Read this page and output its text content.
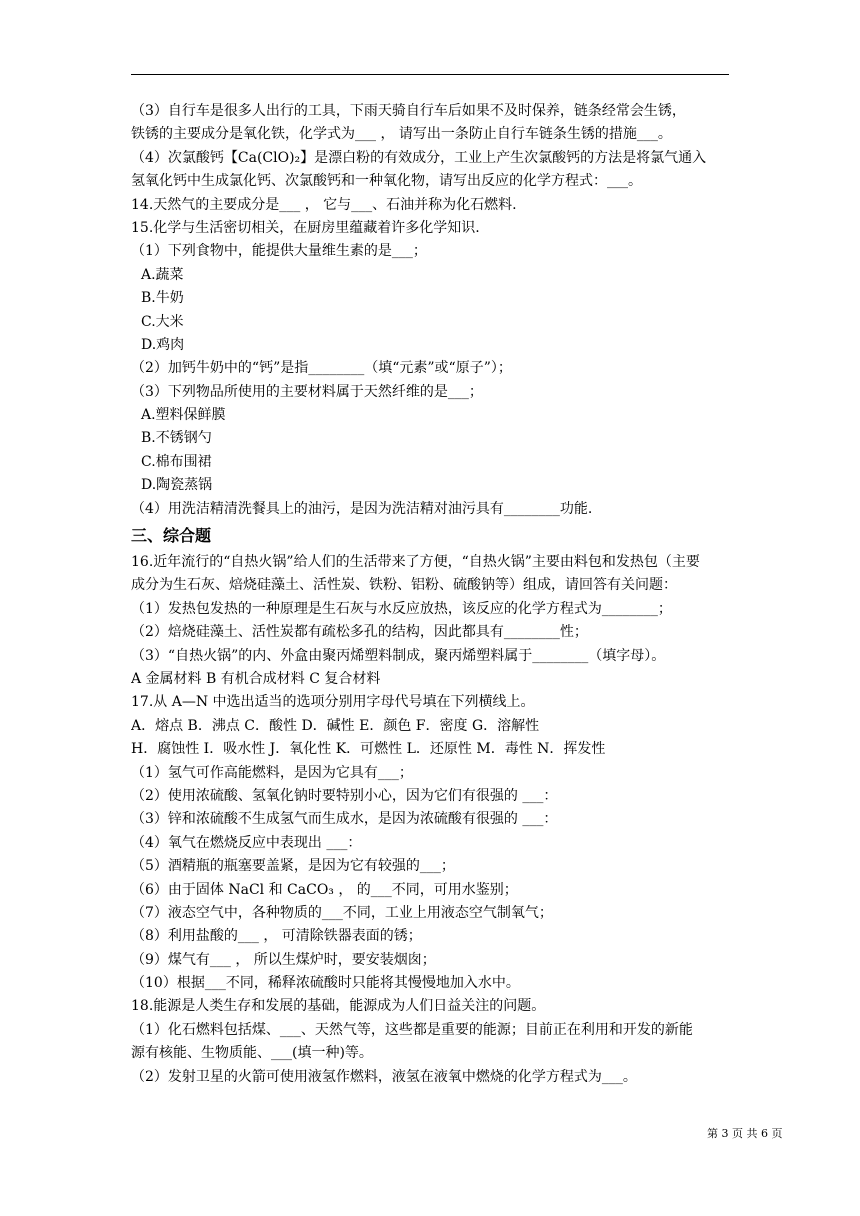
（3）自行车是很多人出行的工具，下雨天骑自行车后如果不及时保养，链条经常会生锈，
铁锈的主要成分是氧化铁，化学式为___ ， 请写出一条防止自行车链条生锈的措施___。
（4）次氯酸钙【Ca(ClO)₂】是漂白粉的有效成分，工业上产生次氯酸钙的方法是将氯气通入
氢氧化钙中生成氯化钙、次氯酸钙和一种氧化物，请写出反应的化学方程式：___。
14.天然气的主要成分是___ ， 它与___、石油并称为化石燃料.
15.化学与生活密切相关，在厨房里蕴藏着许多化学知识.
（1）下列食物中，能提供大量维生素的是___；
A.蔬菜
B.牛奶
C.大米
D.鸡肉
（2）加钙牛奶中的“钙”是指________（填“元素”或“原子”）；
（3）下列物品所使用的主要材料属于天然纤维的是___；
A.塑料保鲜膜
B.不锈钢勺
C.棉布围裙
D.陶瓷蒸锅
（4）用洗洁精清洗餐具上的油污，是因为洗洁精对油污具有________功能.
三、综合题
16.近年流行的“自热火锅”给人们的生活带来了方便，“自热火锅”主要由料包和发热包（主要
成分为生石灰、焙烧硅藻土、活性炭、铁粉、铝粉、硫酸钠等）组成，请回答有关问题：
（1）发热包发热的一种原理是生石灰与水反应放热，该反应的化学方程式为________；
（2）焙烧硅藻土、活性炭都有疏松多孔的结构，因此都具有________性；
（3）“自热火锅”的内、外盒由聚丙烯塑料制成，聚丙烯塑料属于________（填字母）。
A 金属材料 B 有机合成材料 C 复合材料
17.从 A—N 中选出适当的选项分别用字母代号填在下列横线上。
A．熔点 B．沸点 C．酸性 D．碱性 E．颜色 F．密度 G．溶解性
H．腐蚀性 I．吸水性 J．氧化性 K．可燃性 L．还原性 M．毒性 N．挥发性
（1）氢气可作高能燃料，是因为它具有___；
（2）使用浓硫酸、氢氧化钠时要特别小心，因为它们有很强的 ___：
（3）锌和浓硫酸不生成氢气而生成水，是因为浓硫酸有很强的 ___：
（4）氧气在燃烧反应中表现出 ___：
（5）酒精瓶的瓶塞要盖紧，是因为它有较强的___；
（6）由于固体 NaCl 和 CaCO₃ ， 的___不同，可用水鉴别；
（7）液态空气中，各种物质的___不同，工业上用液态空气制氧气；
（8）利用盐酸的___ ， 可清除铁器表面的锈；
（9）煤气有___ ， 所以生煤炉时，要安装烟囱；
（10）根据___不同，稀释浓硫酸时只能将其慢慢地加入水中。
18.能源是人类生存和发展的基础，能源成为人们日益关注的问题。
（1）化石燃料包括煤、___、天然气等，这些都是重要的能源；目前正在利用和开发的新能
源有核能、生物质能、___(填一种)等。
（2）发射卫星的火箭可使用液氢作燃料，液氢在液氧中燃烧的化学方程式为___。
第 3 页 共 6 页
